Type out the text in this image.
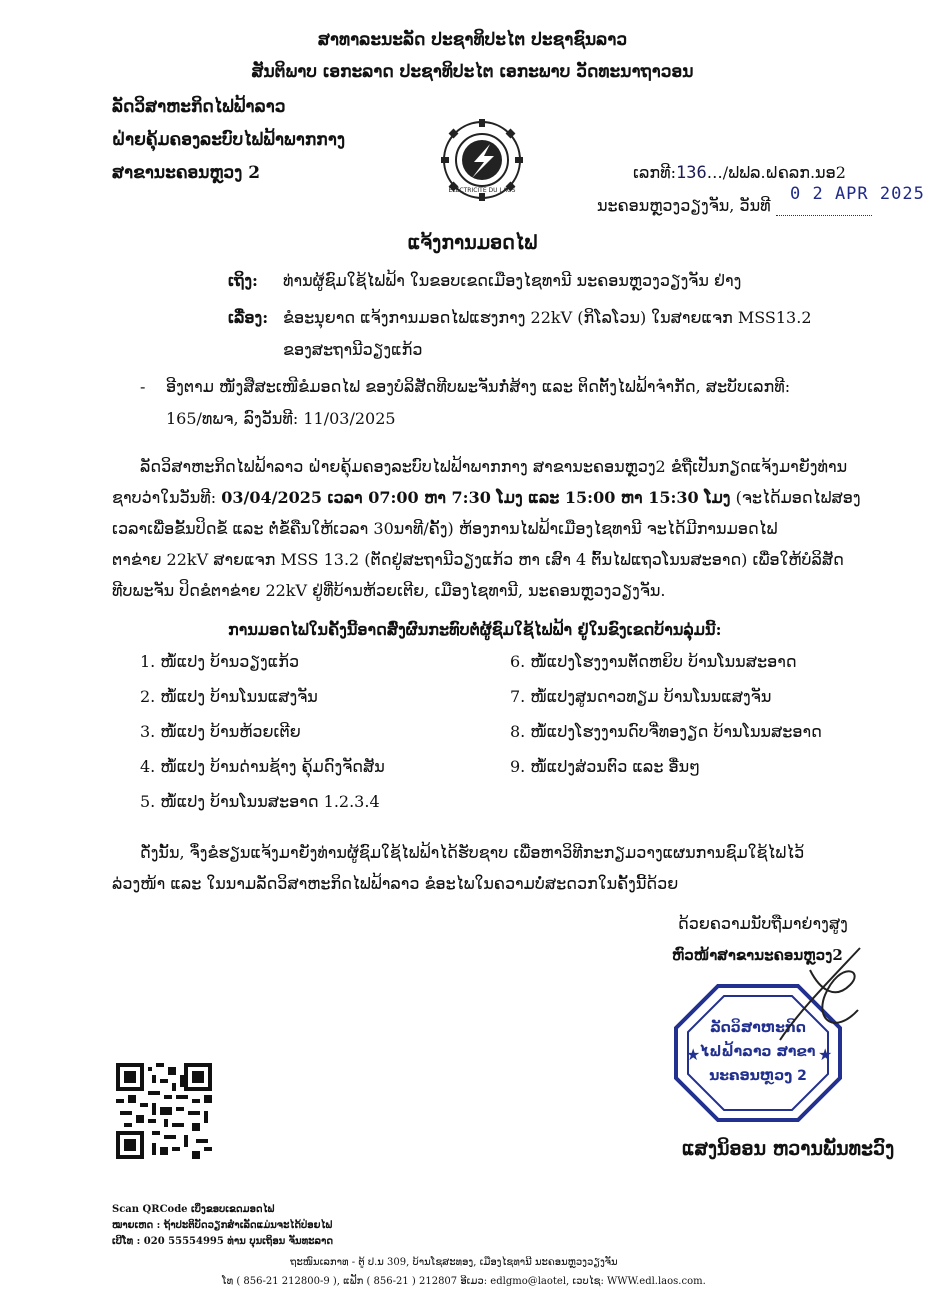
ສາທາລະນະລັດ ປະຊາທິປະໄຕ ປະຊາຊົນລາວ
ສັນຕິພາບ ເອກະລາດ ປະຊາທິປະໄຕ ເອກະພາບ ວັດທະນາຖາວອນ
ລັດວິສາຫະກິດໄຟຟ້າລາວ
ຝ່າຍຄຸ້ມຄອງລະບົບໄຟຟ້າພາກກາງ
ສາຂານະຄອນຫຼວງ 2
ELECTRICITE DU LAOS
ເລກທີ:136…/ຟຟລ.ຝຄລກ.ນອ2
ນະຄອນຫຼວງວຽງຈັນ, ວັນທີ
0 2 APR 2025
ແຈ້ງການມອດໄຟ
ເຖິງ: ທ່ານຜູ້ຊົມໃຊ້ໄຟຟ້າ ໃນຂອບເຂດເມືອງໄຊທານີ ນະຄອນຫຼວງວຽງຈັນ ຢ່າງ
ເລື່ອງ: ຂໍອະນຸຍາດ ແຈ້ງການມອດໄຟແຮງກາງ 22kV (ກິໂລໂວນ) ໃນສາຍແຈກ MSS13.2
ຂອງສະຖານີວຽງແກ້ວ
- ອີງຕາມ ໜັງສືສະເໜີຂໍມອດໄຟ ຂອງບໍລິສັດທີບພະຈັນກໍ່ສ້າງ ແລະ ຕິດຕັ້ງໄຟຟ້າຈໍາກັດ, ສະບັບເລກທີ:
165/ທພຈ, ລົງວັນທີ: 11/03/2025
ລັດວິສາຫະກິດໄຟຟ້າລາວ ຝ່າຍຄຸ້ມຄອງລະບົບໄຟຟ້າພາກກາງ ສາຂານະຄອນຫຼວງ2 ຂໍຖືເປັນກຽດແຈ້ງມາຍັງທ່ານ
ຊາບວ່າໃນວັນທີ: 03/04/2025 ເວລາ 07:00 ຫາ 7:30 ໂມງ ແລະ 15:00 ຫາ 15:30 ໂມງ (ຈະໄດ້ມອດໄຟສອງ
ເວລາເພື່ອຂັ້ນປິດຂໍ້ ແລະ ຕໍ່ຂໍ້ຄືນໃຫ້ເວລາ 30ນາທີ/ຄັ້ງ) ຫ້ອງການໄຟຟ້າເມືອງໄຊທານີ ຈະໄດ້ມີການມອດໄຟ
ຕາຂ່າຍ 22kV ສາຍແຈກ MSS 13.2 (ຕັດຢູ່ສະຖານີວຽງແກ້ວ ຫາ ເສົາ 4 ຕົ້ນໄຟແຖວໂນນສະອາດ) ເພື່ອໃຫ້ບໍລິສັດ
ທີບພະຈັນ ປິດຂໍຕາຂ່າຍ 22kV ຢູ່ທີ່ບ້ານຫ້ວຍເຕີຍ, ເມືອງໄຊທານີ, ນະຄອນຫຼວງວຽງຈັນ.
ການມອດໄຟໃນຄັ້ງນີ້ອາດສົ່ງຜົນກະທົບຕໍ່ຜູ້ຊົມໃຊ້ໄຟຟ້າ ຢູ່ໃນຂົງເຂດບ້ານລຸ່ມນີ້:
1. ໜໍ້ແປງ ບ້ານວຽງແກ້ວ
2. ໜໍ້ແປງ ບ້ານໂນນແສງຈັນ
3. ໜໍ້ແປງ ບ້ານຫ້ວຍເຕີຍ
4. ໜໍ້ແປງ ບ້ານດ່ານຊ້າງ ຄຸ້ມດົງຈັດສັນ
5. ໜໍ້ແປງ ບ້ານໂນນສະອາດ 1.2.3.4
6. ໜໍ້ແປງໂຮງງານຕັດຫຍິບ ບ້ານໂນນສະອາດ
7. ໜໍ້ແປງສູນດາວທຽມ ບ້ານໂນນແສງຈັນ
8. ໜໍ້ແປງໂຮງງານດົບຈີ່ທອງຽດ ບ້ານໂນນສະອາດ
9. ໜໍ້ແປງສ່ວນຕົວ ແລະ ອື່ນໆ
ດັ່ງນັ້ນ, ຈຶ່ງຂໍຮຽນແຈ້ງມາຍັງທ່ານຜູ້ຊົມໃຊ້ໄຟຟ້າໄດ້ຮັບຊາບ ເພື່ອຫາວິທີກະກຽມວາງແຜນການຊົມໃຊ້ໄຟໄວ້
ລ່ວງໜ້າ ແລະ ໃນນາມລັດວິສາຫະກິດໄຟຟ້າລາວ ຂໍອະໄພໃນຄວາມບໍ່ສະດວກໃນຄັ້ງນີ້ດ້ວຍ
ດ້ວຍຄວາມນັບຖືມາຍ່າງສູງ
ຫົວໜ້າສາຂານະຄອນຫຼວງ2
★	★
ລັດວິສາຫະກິດ
ໄຟຟ້າລາວ ສາຂາ
ນະຄອນຫຼວງ 2
ແສງນິອອນ ຫວານພັນທະວົງ
Scan QRCode ເບິ່ງຂອບເຂດມອດໄຟ
ໝາຍເຫດ : ຖ້າປະຕິບັດວຽກສໍາເລັດແມ່ນຈະໄດ້ປ່ອຍໄຟ
ເບີໂທ : 020 55554995 ທ່ານ ບຸນເຖິອນ ຈັນທະລາດ
ຖະໜົນເລກາທ - ຕູ້ ປ.ນ 309, ບ້ານໂຊສະທອງ, ເມືອງໄຊທານີ ນະຄອນຫຼວງວຽງຈັນ
ໂທ ( 856-21 212800-9 ), ແຟັກ ( 856-21 ) 212807 ອີເມວ: edlgmo@laotel, ເວບໄຊ: WWW.edl.laos.com.
